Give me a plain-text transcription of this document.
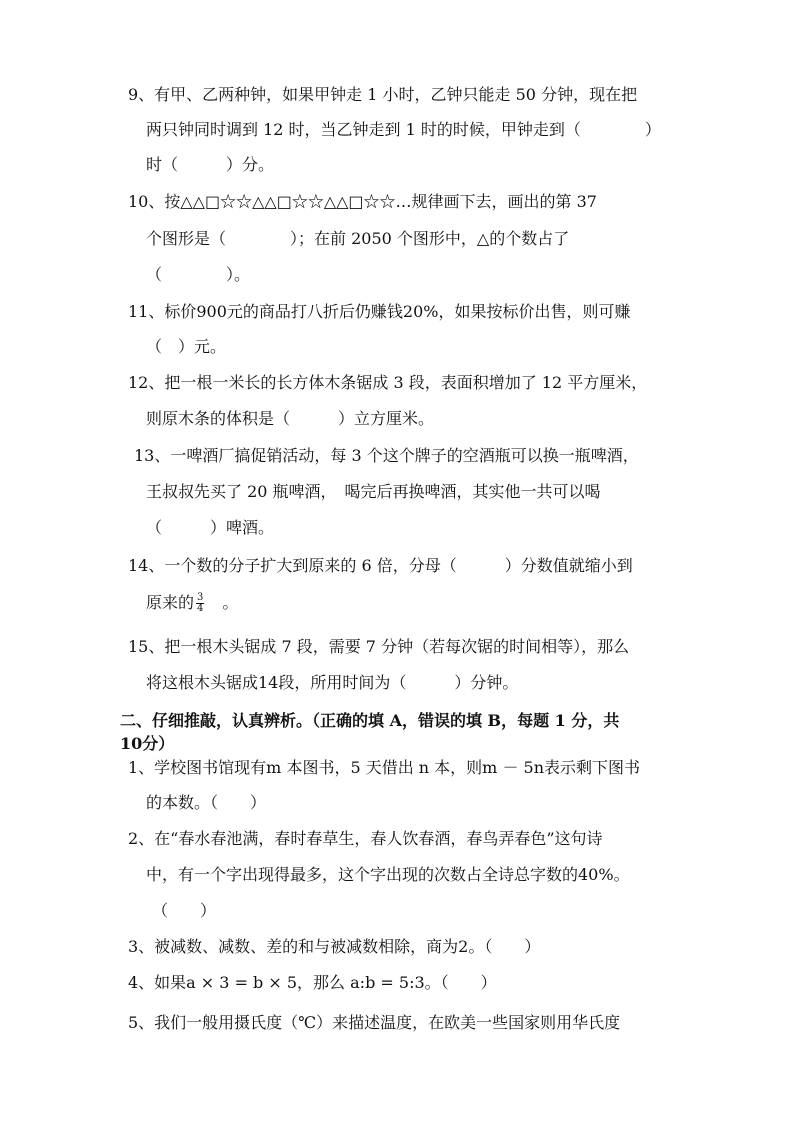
9、有甲、乙两种钟，如果甲钟走 1 小时，乙钟只能走 50 分钟，现在把
两只钟同时调到 12 时，当乙钟走到 1 时的时候，甲钟走到（　　　　）
时（　　　）分。
10、按△△□☆☆△△□☆☆△△□☆☆…规律画下去，画出的第 37
个图形是（　　　　）；在前 2050 个图形中，△的个数占了
（　　　　）。
11、标价900元的商品打八折后仍赚钱20%，如果按标价出售，则可赚
（　）元。
12、把一根一米长的长方体木条锯成 3 段，表面积增加了 12 平方厘米，
则原木条的体积是（　　　）立方厘米。
13、一啤酒厂搞促销活动，每 3 个这个牌子的空酒瓶可以换一瓶啤酒，
王叔叔先买了 20 瓶啤酒，　喝完后再换啤酒，其实他一共可以喝
（　　　）啤酒。
14、一个数的分子扩大到原来的 6 倍，分母（　　　）分数值就缩小到
原来的 $\frac{3}{4}$ 　。
15、把一根木头锯成 7 段，需要 7 分钟（若每次锯的时间相等），那么
将这根木头锯成14段，所用时间为（　　　）分钟。
二、仔细推敲，认真辨析。（正确的填 A，错误的填 B，每题 1 分，共
10分）
1、学校图书馆现有m 本图书，5 天借出 n 本，则m － 5n表示剩下图书
的本数。（　　）
2、在“春水春池满，春时春草生，春人饮春酒，春鸟弄春色”这句诗
中，有一个字出现得最多，这个字出现的次数占全诗总字数的40%。
（　　）
3、被减数、减数、差的和与被减数相除，商为2。（　　）
4、如果a × 3 = b × 5，那么 a:b = 5:3。（　　）
5、我们一般用摄氏度（℃）来描述温度，在欧美一些国家则用华氏度
